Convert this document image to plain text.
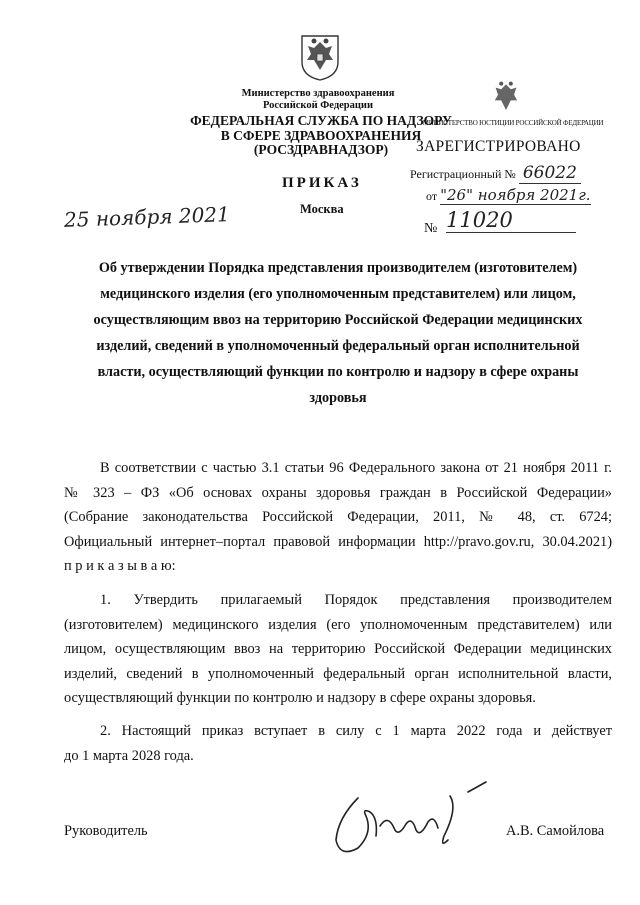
Министерство здравоохранения
Российской Федерации
ФЕДЕРАЛЬНАЯ СЛУЖБА ПО НАДЗОРУ
В СФЕРЕ ЗДРАВООХРАНЕНИЯ
(РОСЗДРАВНАДЗОР)
МИНИСТЕРСТВО ЮСТИЦИИ РОССИЙСКОЙ ФЕДЕРАЦИИ
ЗАРЕГИСТРИРОВАНО
Регистрационный № 66022
от "26" ноября 2021г.
ПРИКАЗ
Москва
25 ноября 2021	№ 11020
Об утверждении Порядка представления производителем (изготовителем)
медицинского изделия (его уполномоченным представителем) или лицом,
осуществляющим ввоз на территорию Российской Федерации медицинских
изделий, сведений в уполномоченный федеральный орган исполнительной
власти, осуществляющий функции по контролю и надзору в сфере охраны
здоровья
В соответствии с частью 3.1 статьи 96 Федерального закона от 21 ноября 2011 г.
№ 323 – ФЗ «Об основах охраны здоровья граждан в Российской Федерации»
(Собрание законодательства Российской Федерации, 2011, № 48, ст. 6724;
Официальный интернет–портал правовой информации http://pravo.gov.ru, 30.04.2021)
п р и к а з ы в а ю:
1. Утвердить прилагаемый Порядок представления производителем
(изготовителем) медицинского изделия (его уполномоченным представителем) или
лицом, осуществляющим ввоз на территорию Российской Федерации медицинских
изделий, сведений в уполномоченный федеральный орган исполнительной власти,
осуществляющий функции по контролю и надзору в сфере охраны здоровья.
2. Настоящий приказ вступает в силу с 1 марта 2022 года и действует
до 1 марта 2028 года.
Руководитель	А.В. Самойлова
